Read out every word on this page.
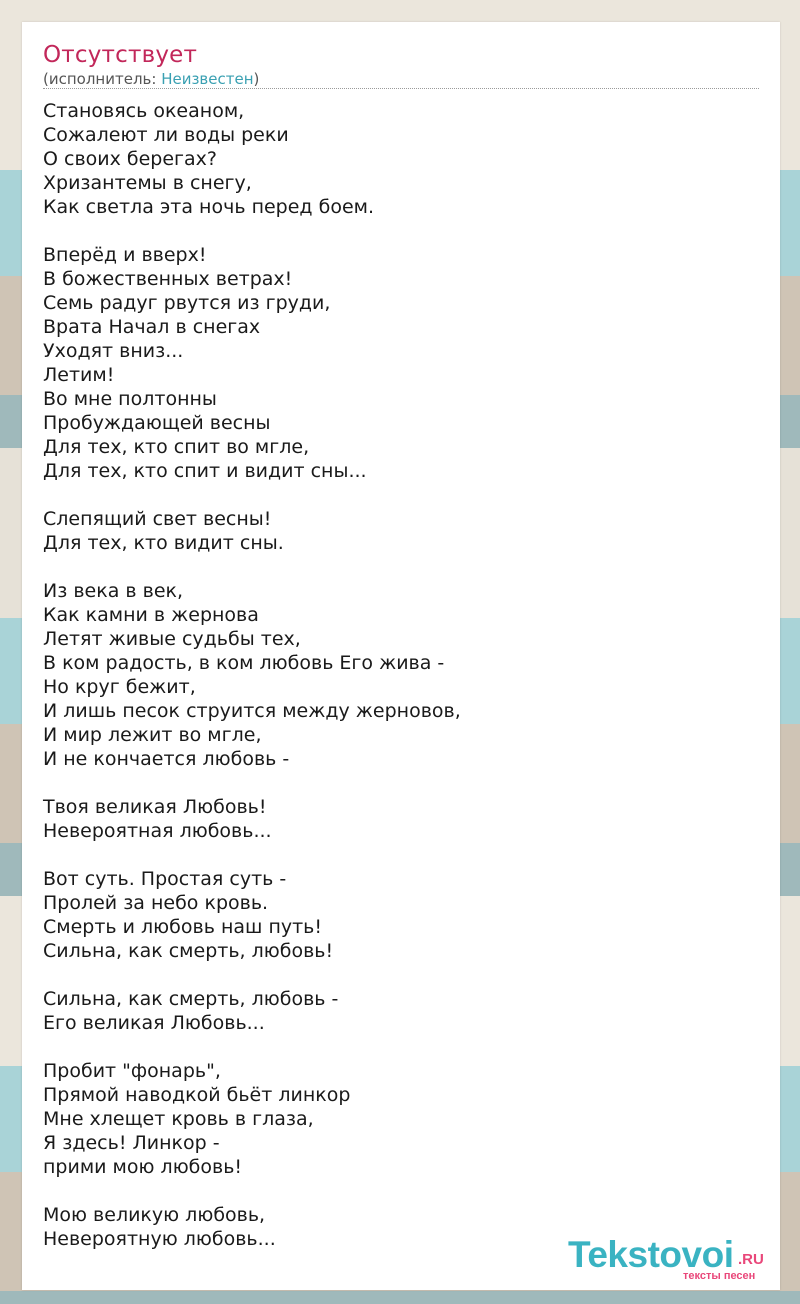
Отсутствует
(исполнитель: Неизвестен)
Становясь океаном,
Сожалеют ли воды реки
О своих берегах?
Хризантемы в снегу,
Как светла эта ночь перед боем.

Вперёд и вверх!
В божественных ветрах!
Семь радуг рвутся из груди,
Врата Начал в снегах
Уходят вниз...
Летим!
Во мне полтонны
Пробуждающей весны
Для тех, кто спит во мгле,
Для тех, кто спит и видит сны...

Слепящий свет весны!
Для тех, кто видит сны.

Из века в век,
Как камни в жернова
Летят живые судьбы тех,
В ком радость, в ком любовь Его жива -
Но круг бежит,
И лишь песок струится между жерновов,
И мир лежит во мгле,
И не кончается любовь -

Твоя великая Любовь!
Невероятная любовь...

Вот суть. Простая суть -
Пролей за небо кровь.
Смерть и любовь наш путь!
Сильна, как смерть, любовь!

Сильна, как смерть, любовь -
Его великая Любовь...

Пробит "фонарь",
Прямой наводкой бьёт линкор
Мне хлещет кровь в глаза,
Я здесь! Линкор -
прими мою любовь!

Мою великую любовь,
Невероятную любовь...	Tekstovoi .RU
тексты песен
